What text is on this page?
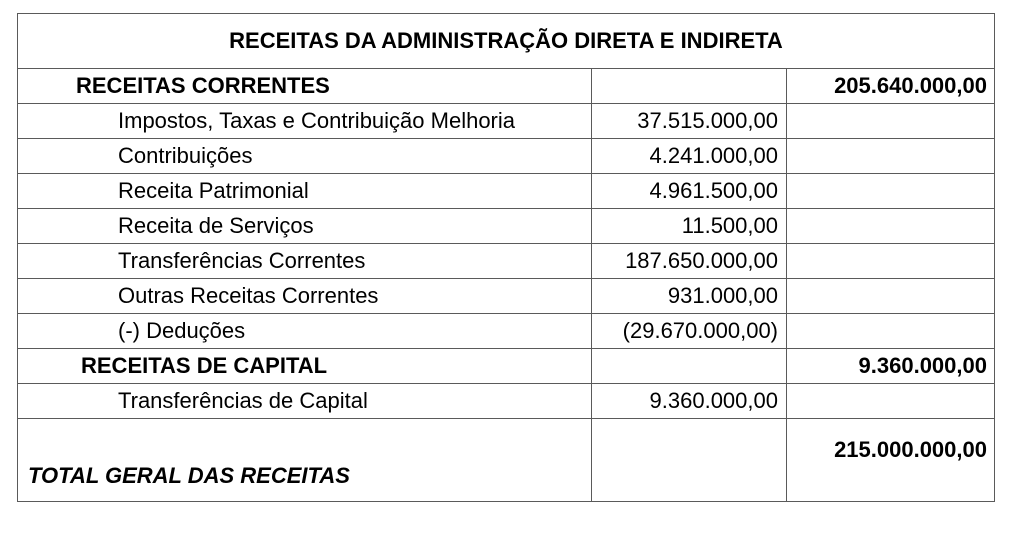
RECEITAS DA ADMINISTRAÇÃO DIRETA E INDIRETA		
RECEITAS CORRENTES		205.640.000,00
Impostos, Taxas e Contribuição Melhoria	37.515.000,00	
Contribuições	4.241.000,00	
Receita Patrimonial	4.961.500,00	
Receita de Serviços	11.500,00	
Transferências Correntes	187.650.000,00	
Outras Receitas Correntes	931.000,00	
(-) Deduções	(29.670.000,00)	
RECEITAS DE CAPITAL		9.360.000,00
Transferências de Capital	9.360.000,00	
TOTAL GERAL DAS RECEITAS		215.000.000,00
